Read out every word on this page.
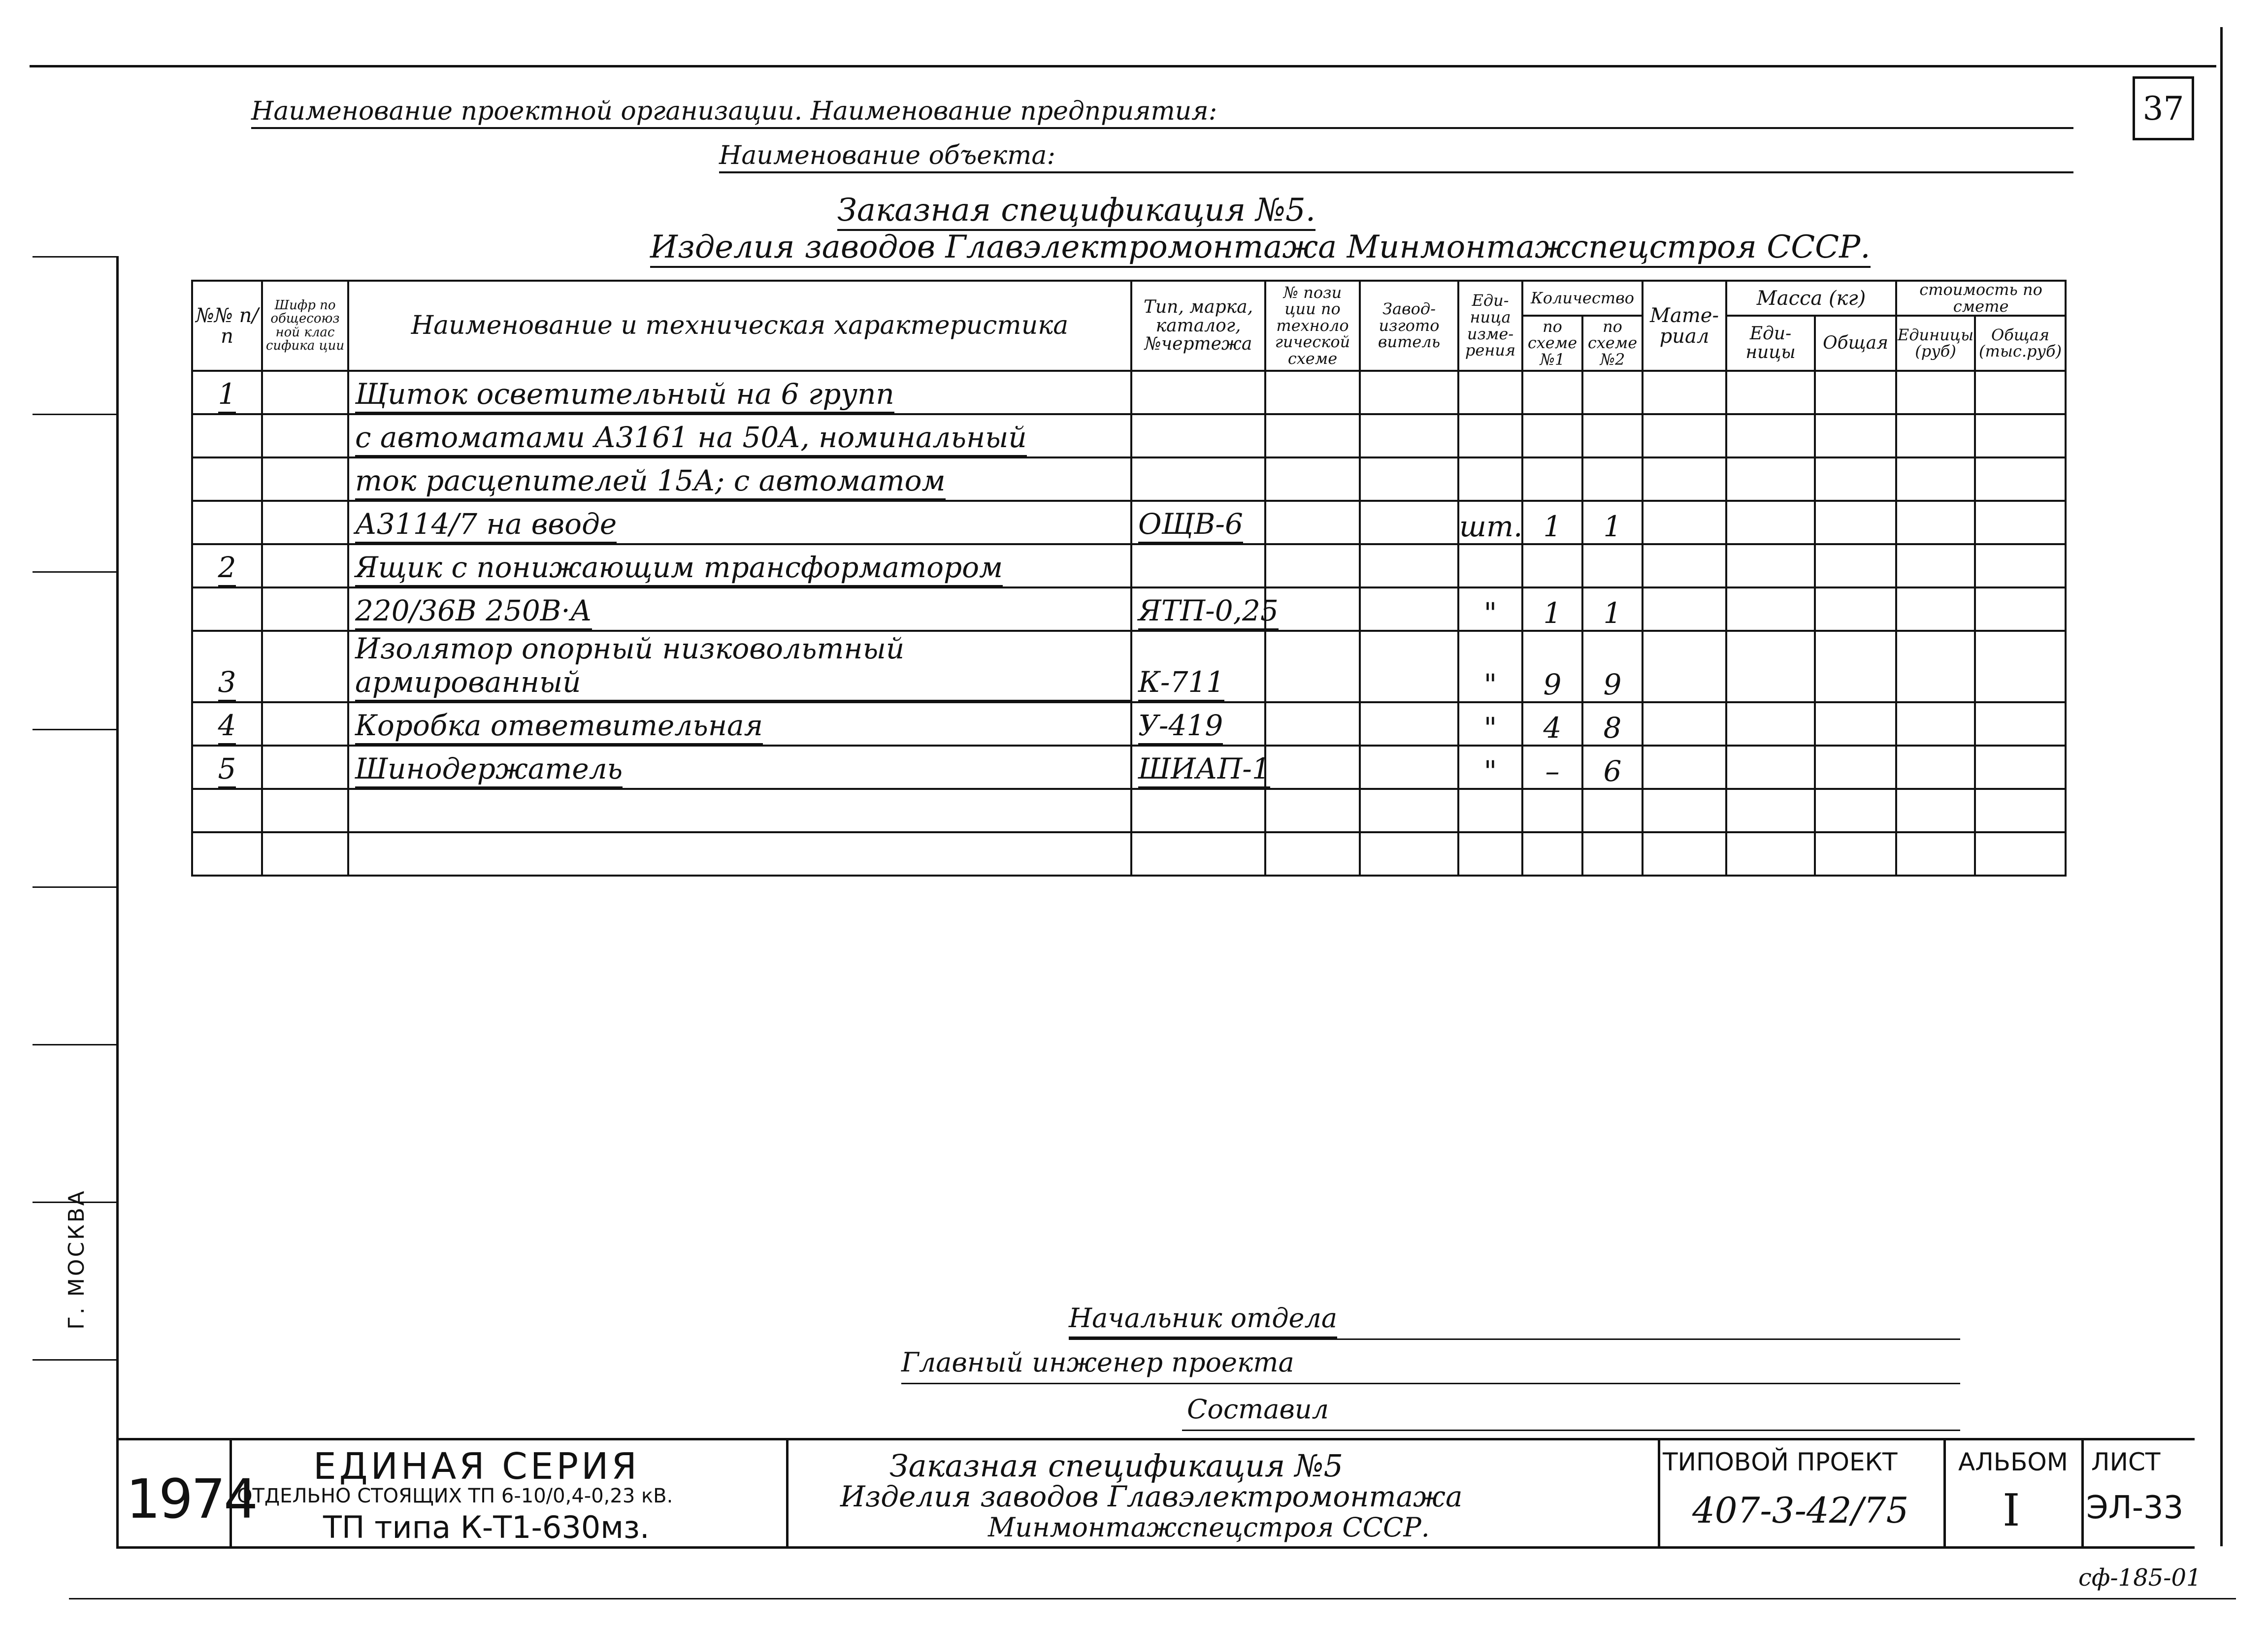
37
Г. МОСКВА
Наименование проектной организации. Наименование предприятия:
Наименование объекта:
Заказная спецификация №5.
Изделия заводов Главэлектромонтажа Минмонтажспецстроя СССР.
№№ п/п	Шифр по общесоюз ной клас сифика ции	Наименование и техническая характеристика	Тип, марка, каталог, №чертежа	№ пози ции по техноло гической схеме	Завод- изгото витель	Еди- ница изме- рения	Количество		Мате- риал	Масса (кг)		стоимость по смете	
							по схеме №1	по схеме №2		Еди- ницы	Общая	Единицы (руб)	Общая (тыс.руб)
1		Щиток осветительный на 6 групп											
		с автоматами А3161 на 50А, номинальный											
		ток расцепителей 15А; с автоматом											
		А3114/7 на вводе	ОЩВ-6			шт.	1	1					
2		Ящик с понижающим трансформатором											
		220/36В 250В·А	ЯТП-0,25			"	1	1					
3		Изолятор опорный низковольтный армированный	К-711			"	9	9					
4		Коробка ответвительная	У-419			"	4	8					
5		Шинодержатель	ШИАП-1			"	–	6					

Начальник отдела
Главный инженер проекта
Составил
1974
ЕДИНАЯ СЕРИЯ
ОТДЕЛЬНО СТОЯЩИХ ТП 6-10/0,4-0,23 кВ.
ТП типа К-Т1-630мз.
Заказная спецификация №5
Изделия заводов Главэлектромонтажа
Минмонтажспецстроя СССР.
ТИПОВОЙ ПРОЕКТ
407-3-42/75
АЛЬБОМ
I
ЛИСТ
ЭЛ-33
сф-185-01
